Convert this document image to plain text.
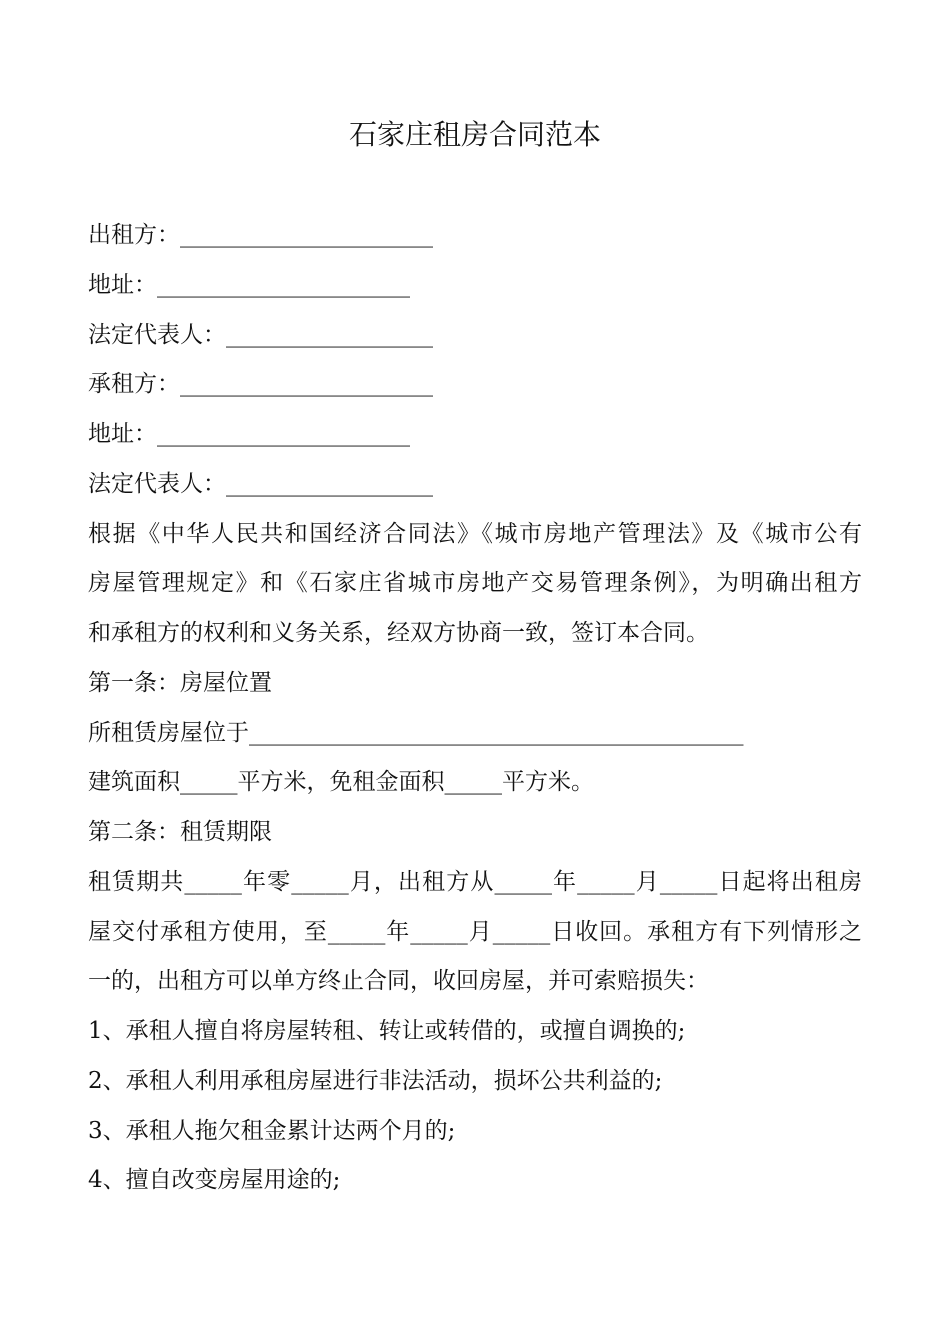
石家庄租房合同范本
出租方：______________________
地址：______________________
法定代表人：__________________
承租方：______________________
地址：______________________
法定代表人：__________________
根据《中华人民共和国经济合同法》《城市房地产管理法》及《城市公有
房屋管理规定》和《石家庄省城市房地产交易管理条例》，为明确出租方
和承租方的权利和义务关系，经双方协商一致，签订本合同。
第一条：房屋位置
所租赁房屋位于___________________________________________
建筑面积_____平方米，免租金面积_____平方米。
第二条：租赁期限
租赁期共_____年零_____月，出租方从_____年_____月_____日起将出租房
屋交付承租方使用，至_____年_____月_____日收回。承租方有下列情形之
一的，出租方可以单方终止合同，收回房屋，并可索赔损失：
1、承租人擅自将房屋转租、转让或转借的，或擅自调换的;
2、承租人利用承租房屋进行非法活动，损坏公共利益的;
3、承租人拖欠租金累计达两个月的;
4、擅自改变房屋用途的;
